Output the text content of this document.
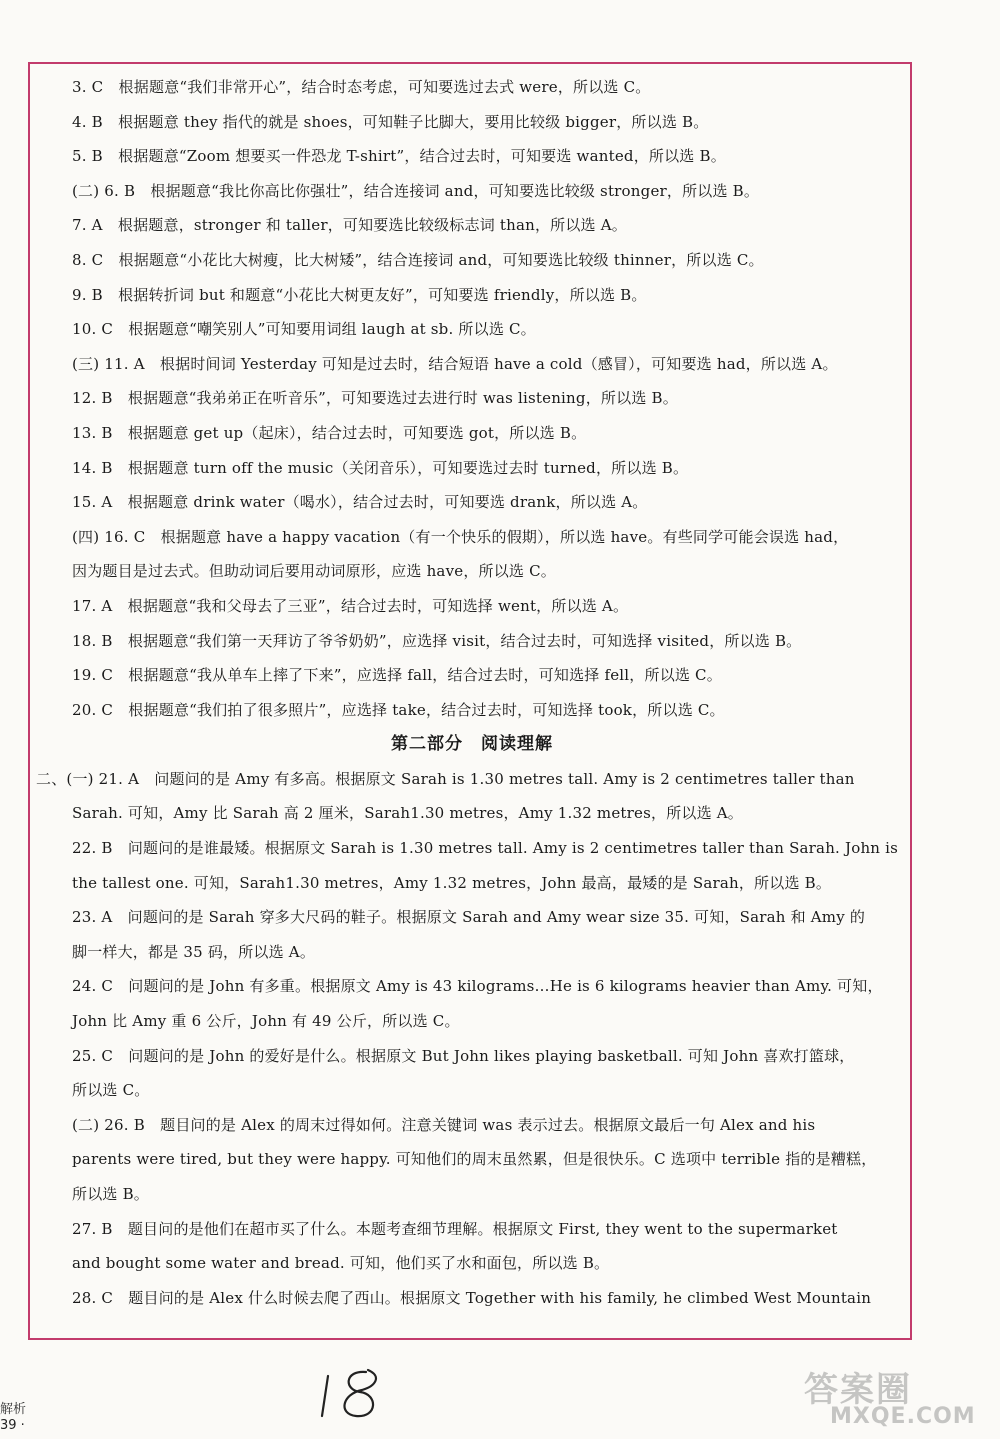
3. C　根据题意“我们非常开心”，结合时态考虑，可知要选过去式 were，所以选 C。
4. B　根据题意 they 指代的就是 shoes，可知鞋子比脚大，要用比较级 bigger，所以选 B。
5. B　根据题意“Zoom 想要买一件恐龙 T-shirt”，结合过去时，可知要选 wanted，所以选 B。
(二) 6. B　根据题意“我比你高比你强壮”，结合连接词 and，可知要选比较级 stronger，所以选 B。
7. A　根据题意，stronger 和 taller，可知要选比较级标志词 than，所以选 A。
8. C　根据题意“小花比大树瘦，比大树矮”，结合连接词 and，可知要选比较级 thinner，所以选 C。
9. B　根据转折词 but 和题意“小花比大树更友好”，可知要选 friendly，所以选 B。
10. C　根据题意“嘲笑别人”可知要用词组 laugh at sb. 所以选 C。
(三) 11. A　根据时间词 Yesterday 可知是过去时，结合短语 have a cold（感冒），可知要选 had，所以选 A。
12. B　根据题意“我弟弟正在听音乐”，可知要选过去进行时 was listening，所以选 B。
13. B　根据题意 get up（起床），结合过去时，可知要选 got，所以选 B。
14. B　根据题意 turn off the music（关闭音乐），可知要选过去时 turned，所以选 B。
15. A　根据题意 drink water（喝水），结合过去时，可知要选 drank，所以选 A。
(四) 16. C　根据题意 have a happy vacation（有一个快乐的假期），所以选 have。有些同学可能会误选 had，
因为题目是过去式。但助动词后要用动词原形，应选 have，所以选 C。
17. A　根据题意“我和父母去了三亚”，结合过去时，可知选择 went，所以选 A。
18. B　根据题意“我们第一天拜访了爷爷奶奶”，应选择 visit，结合过去时，可知选择 visited，所以选 B。
19. C　根据题意“我从单车上摔了下来”，应选择 fall，结合过去时，可知选择 fell，所以选 C。
20. C　根据题意“我们拍了很多照片”，应选择 take，结合过去时，可知选择 took，所以选 C。
第二部分　阅读理解
二、(一) 21. A　问题问的是 Amy 有多高。根据原文 Sarah is 1.30 metres tall. Amy is 2 centimetres taller than
Sarah. 可知，Amy 比 Sarah 高 2 厘米，Sarah1.30 metres，Amy 1.32 metres，所以选 A。
22. B　问题问的是谁最矮。根据原文 Sarah is 1.30 metres tall. Amy is 2 centimetres taller than Sarah. John is
the tallest one. 可知，Sarah1.30 metres，Amy 1.32 metres，John 最高，最矮的是 Sarah，所以选 B。
23. A　问题问的是 Sarah 穿多大尺码的鞋子。根据原文 Sarah and Amy wear size 35. 可知，Sarah 和 Amy 的
脚一样大，都是 35 码，所以选 A。
24. C　问题问的是 John 有多重。根据原文 Amy is 43 kilograms…He is 6 kilograms heavier than Amy. 可知，
John 比 Amy 重 6 公斤，John 有 49 公斤，所以选 C。
25. C　问题问的是 John 的爱好是什么。根据原文 But John likes playing basketball. 可知 John 喜欢打篮球，
所以选 C。
(二) 26. B　题目问的是 Alex 的周末过得如何。注意关键词 was 表示过去。根据原文最后一句 Alex and his
parents were tired, but they were happy. 可知他们的周末虽然累，但是很快乐。C 选项中 terrible 指的是糟糕，
所以选 B。
27. B　题目问的是他们在超市买了什么。本题考查细节理解。根据原文 First, they went to the supermarket
and bought some water and bread. 可知，他们买了水和面包，所以选 B。
28. C　题目问的是 Alex 什么时候去爬了西山。根据原文 Together with his family, he climbed West Mountain
解析
39 ·
答案圈
MXQE.COM
